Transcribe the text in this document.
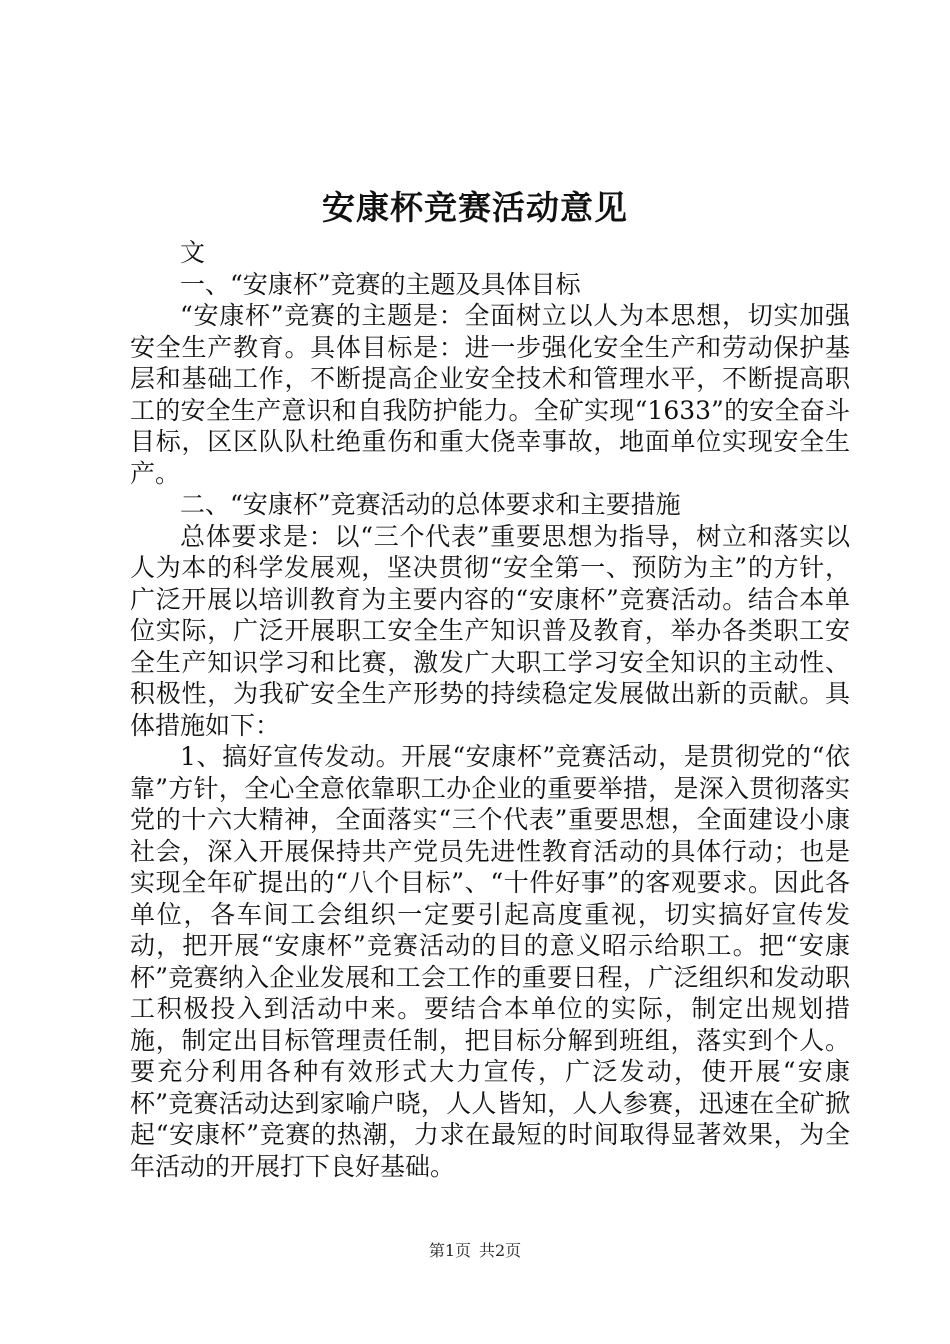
安康杯竞赛活动意见

文

一、“安康杯”竞赛的主题及具体目标

“安康杯”竞赛的主题是：全面树立以人为本思想，切实加强安全生产教育。具体目标是：进一步强化安全生产和劳动保护基层和基础工作，不断提高企业安全技术和管理水平，不断提高职工的安全生产意识和自我防护能力。全矿实现“1633”的安全奋斗目标，区区队队杜绝重伤和重大侥幸事故，地面单位实现安全生产。

二、“安康杯”竞赛活动的总体要求和主要措施

总体要求是：以“三个代表”重要思想为指导，树立和落实以人为本的科学发展观，坚决贯彻“安全第一、预防为主”的方针，广泛开展以培训教育为主要内容的“安康杯”竞赛活动。结合本单位实际，广泛开展职工安全生产知识普及教育，举办各类职工安全生产知识学习和比赛，激发广大职工学习安全知识的主动性、积极性，为我矿安全生产形势的持续稳定发展做出新的贡献。具体措施如下：

1、搞好宣传发动。开展“安康杯”竞赛活动，是贯彻党的“依靠”方针，全心全意依靠职工办企业的重要举措，是深入贯彻落实党的十六大精神，全面落实“三个代表”重要思想，全面建设小康社会，深入开展保持共产党员先进性教育活动的具体行动；也是实现全年矿提出的“八个目标”、“十件好事”的客观要求。因此各单位，各车间工会组织一定要引起高度重视，切实搞好宣传发动，把开展“安康杯”竞赛活动的目的意义昭示给职工。把“安康杯”竞赛纳入企业发展和工会工作的重要日程，广泛组织和发动职工积极投入到活动中来。要结合本单位的实际，制定出规划措施，制定出目标管理责任制，把目标分解到班组，落实到个人。要充分利用各种有效形式大力宣传，广泛发动，使开展“安康杯”竞赛活动达到家喻户晓，人人皆知，人人参赛，迅速在全矿掀起“安康杯”竞赛的热潮，力求在最短的时间取得显著效果，为全年活动的开展打下良好基础。

第1页 共2页
